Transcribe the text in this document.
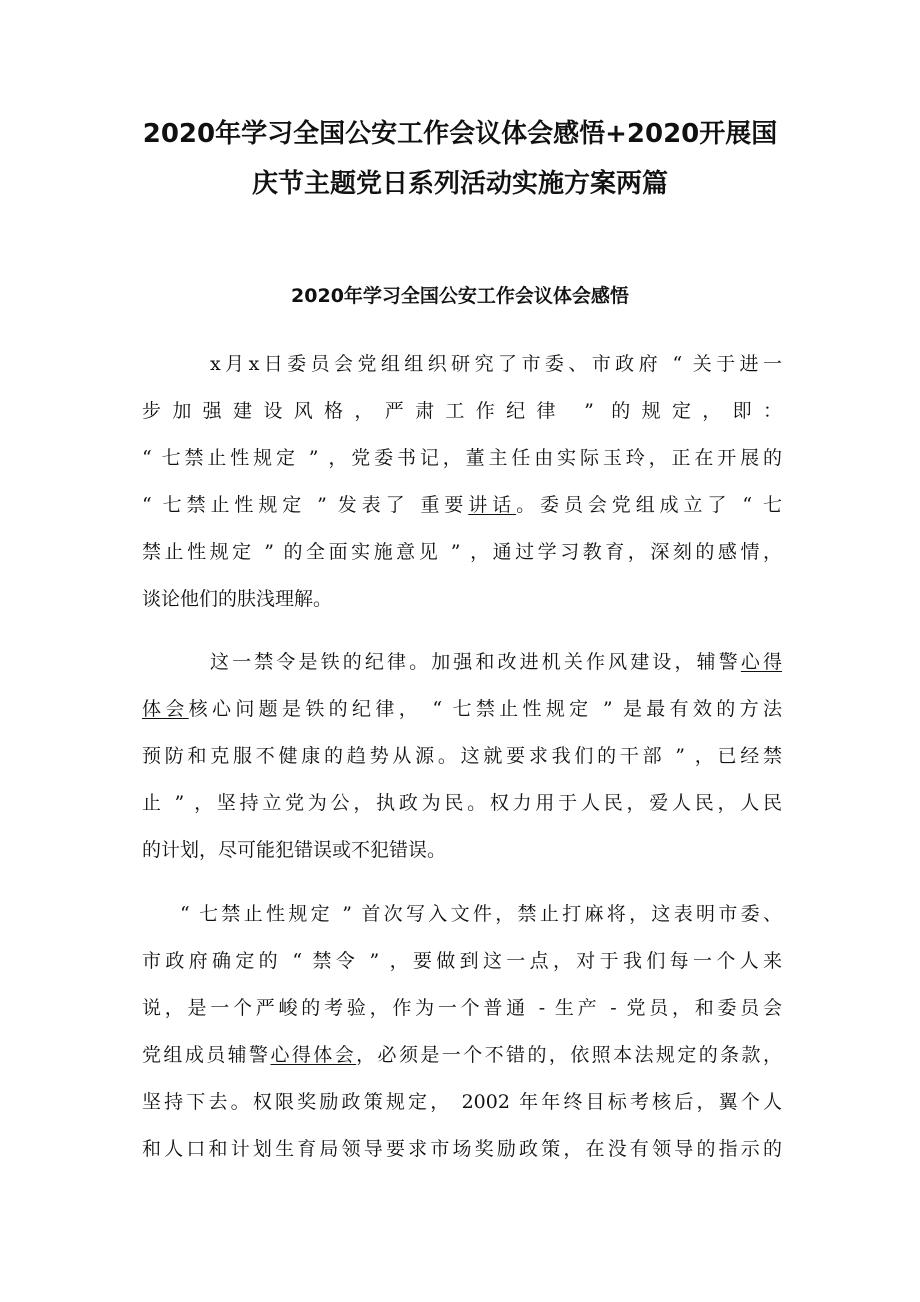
2020年学习全国公安工作会议体会感悟+2020开展国
庆节主题党日系列活动实施方案两篇
2020年学习全国公安工作会议体会感悟

x月x日委员会党组组织研究了市委、市政府 “ 关于进一

步加强建设风格，严肃工作纪律 ” 的规定，即：

“ 七禁止性规定 ” ，党委书记，董主任由实际玉玲，正在开展的

“ 七禁止性规定 ” 发表了 重要讲话。委员会党组成立了 “ 七

禁止性规定 ” 的全面实施意见 ” ，通过学习教育，深刻的感情，

谈论他们的肤浅理解。

这一禁令是铁的纪律。加强和改进机关作风建设，辅警心得

体会核心问题是铁的纪律， “ 七禁止性规定 ” 是最有效的方法

预防和克服不健康的趋势从源。这就要求我们的干部 ” ，已经禁

止 ” ，坚持立党为公，执政为民。权力用于人民，爱人民，人民

的计划，尽可能犯错误或不犯错误。

“ 七禁止性规定 ” 首次写入文件，禁止打麻将，这表明市委、

市政府确定的 “ 禁令 ” ，要做到这一点，对于我们每一个人来

说，是一个严峻的考验，作为一个普通 - 生产 - 党员，和委员会

党组成员辅警心得体会，必须是一个不错的，依照本法规定的条款，

坚持下去。权限奖励政策规定， 2002 年年终目标考核后，翼个人

和人口和计划生育局领导要求市场奖励政策，在没有领导的指示的
